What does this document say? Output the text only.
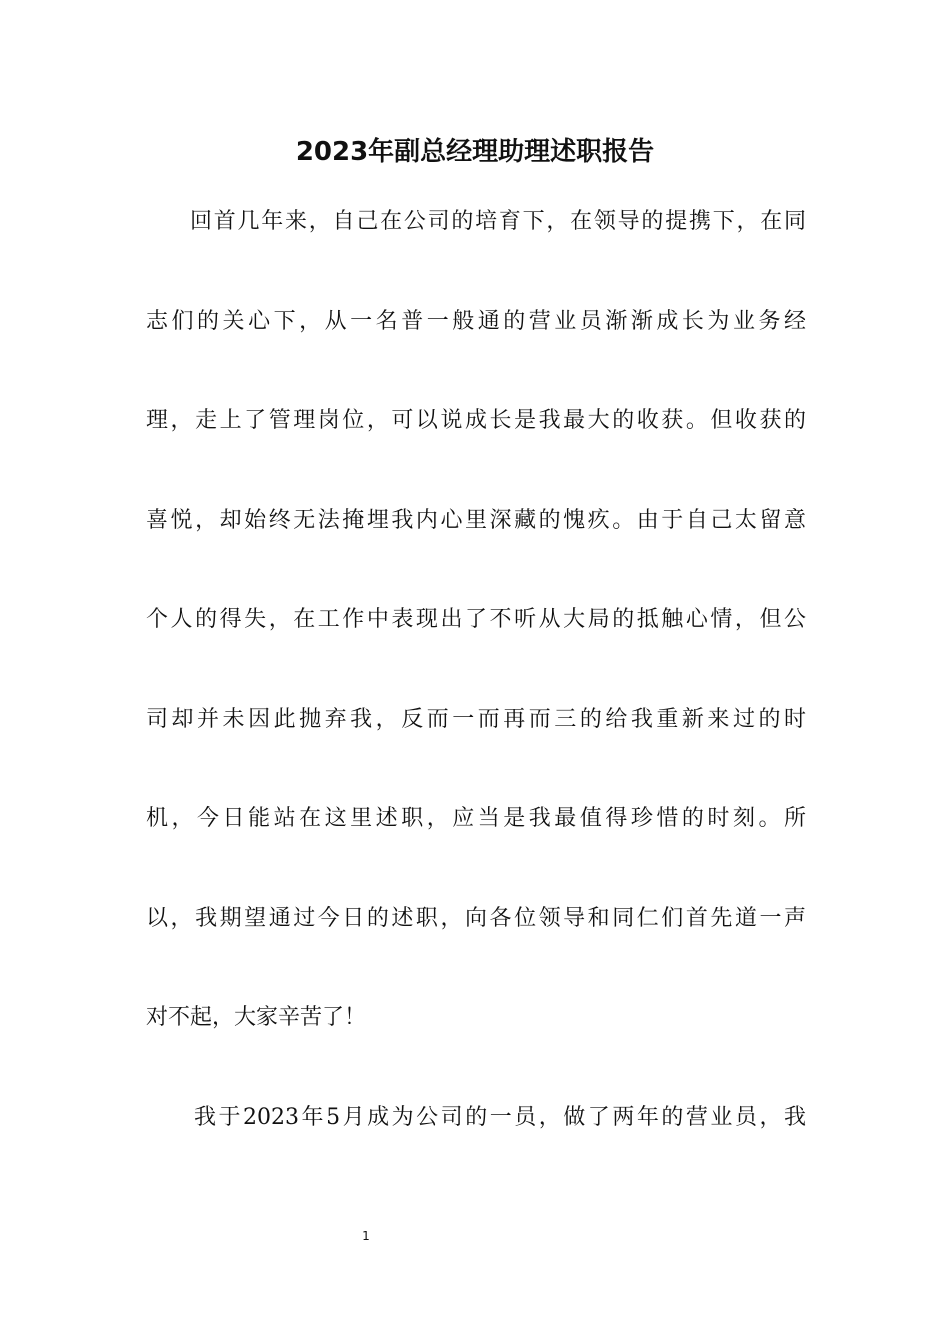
2023年副总经理助理述职报告
回首几年来，自己在公司的培育下，在领导的提携下，在同
志们的关心下，从一名普一般通的营业员渐渐成长为业务经
理，走上了管理岗位，可以说成长是我最大的收获。但收获的
喜悦，却始终无法掩埋我内心里深藏的愧疚。由于自己太留意
个人的得失，在工作中表现出了不听从大局的抵触心情，但公
司却并未因此抛弃我，反而一而再而三的给我重新来过的时
机，今日能站在这里述职，应当是我最值得珍惜的时刻。所
以，我期望通过今日的述职，向各位领导和同仁们首先道一声
对不起，大家辛苦了！
我于2023年5月成为公司的一员，做了两年的营业员，我
1
